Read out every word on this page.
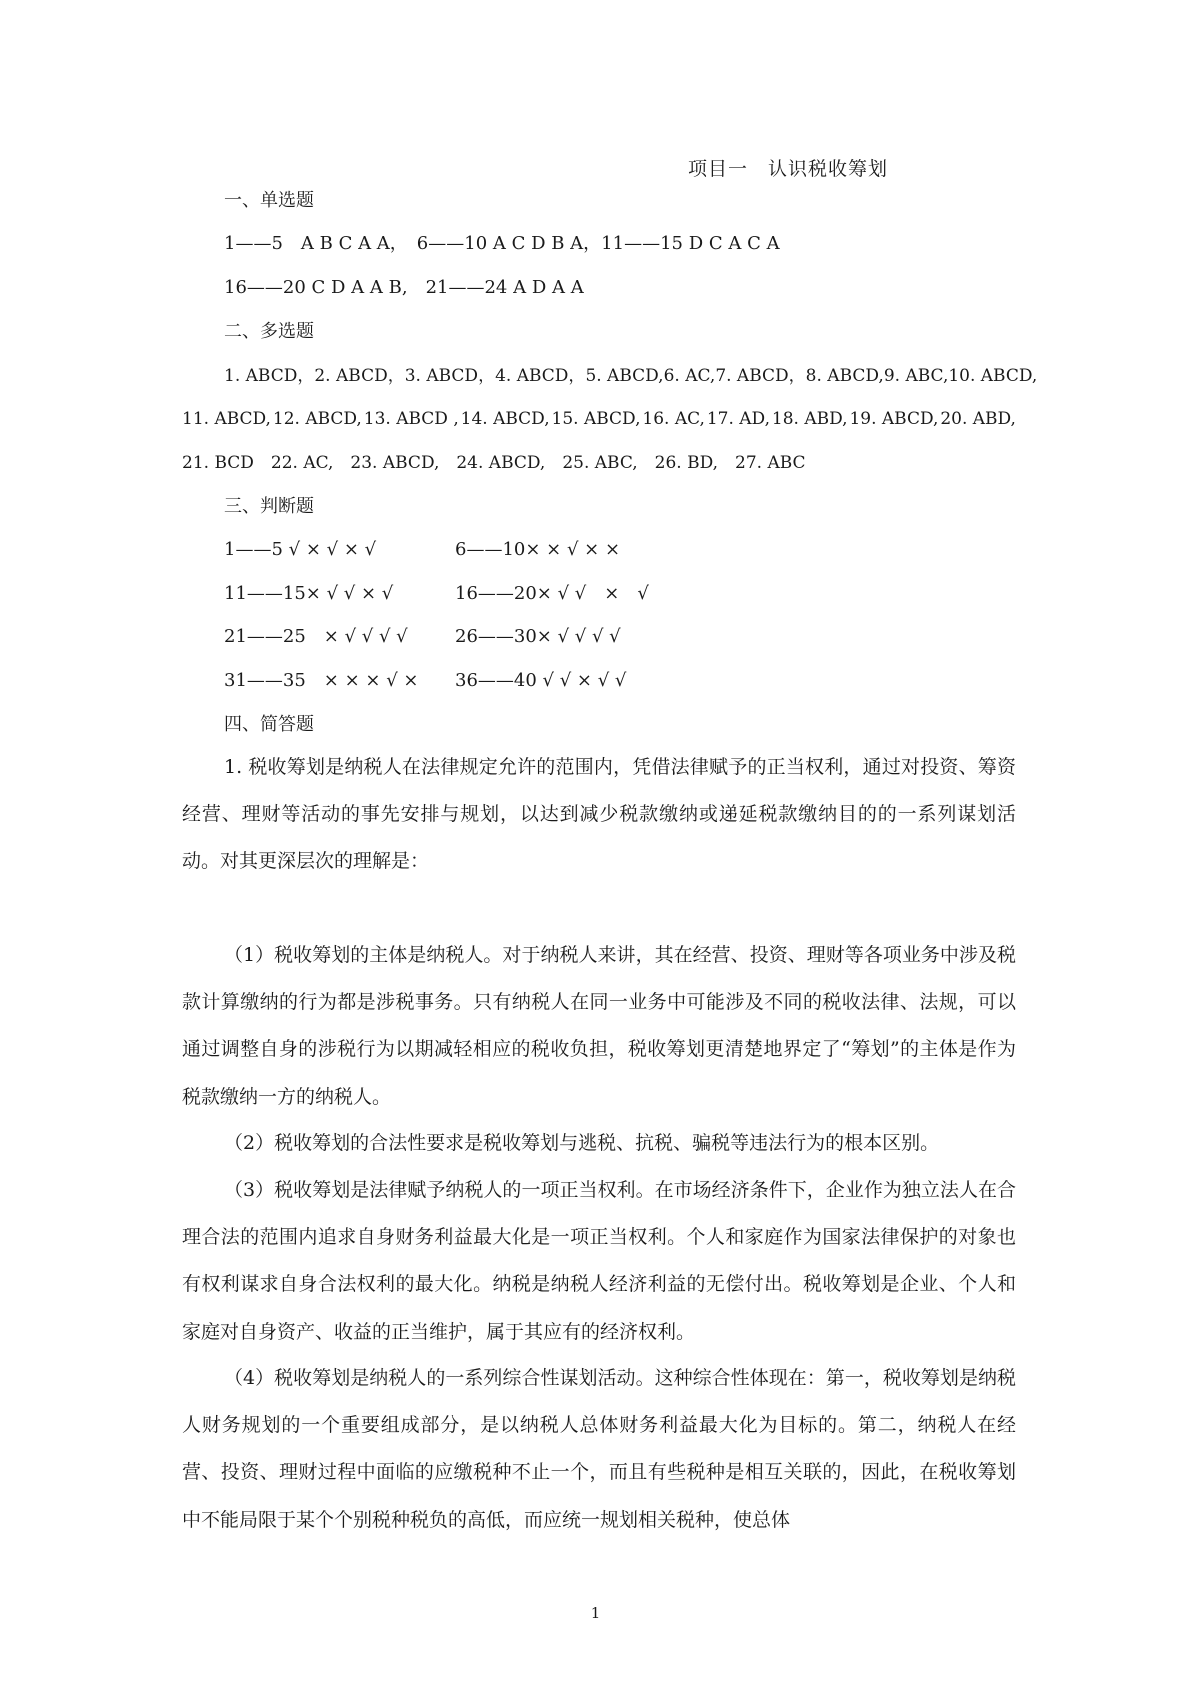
项目一　认识税收筹划
一、单选题
1——5　A B C A A，　6——10 A C D B A，11——15 D C A C A
16——20 C D A A B,　21——24 A D A A
二、多选题
1. ABCD， 2. ABCD， 3. ABCD， 4. ABCD， 5. ABCD, 6. AC, 7. ABCD， 8. ABCD, 9. ABC, 10. ABCD,
11. ABCD, 12. ABCD, 13. ABCD , 14. ABCD, 15. ABCD, 16. AC, 17. AD, 18. ABD, 19. ABCD, 20. ABD,
21. BCD　22. AC,　23. ABCD,　24. ABCD,　25. ABC,　26. BD,　27. ABC
三、判断题
1——5 √ × √ × √	6——10× × √ × ×
11——15× √ √ × √	16——20× √ √　×　√
21——25　× √ √ √ √	26——30× √ √ √ √
31——35　× × × √ × 36——40 √ √ × √ √
四、简答题

1. 税收筹划是纳税人在法律规定允许的范围内，凭借法律赋予的正当权利，通过对投资、筹资经营、理财等活动的事先安排与规划，以达到减少税款缴纳或递延税款缴纳目的的一系列谋划活动。对其更深层次的理解是：

（1）税收筹划的主体是纳税人。对于纳税人来讲，其在经营、投资、理财等各项业务中涉及税款计算缴纳的行为都是涉税事务。只有纳税人在同一业务中可能涉及不同的税收法律、法规，可以通过调整自身的涉税行为以期减轻相应的税收负担，税收筹划更清楚地界定了“筹划”的主体是作为税款缴纳一方的纳税人。

（2）税收筹划的合法性要求是税收筹划与逃税、抗税、骗税等违法行为的根本区别。

（3）税收筹划是法律赋予纳税人的一项正当权利。在市场经济条件下，企业作为独立法人在合理合法的范围内追求自身财务利益最大化是一项正当权利。个人和家庭作为国家法律保护的对象也有权利谋求自身合法权利的最大化。纳税是纳税人经济利益的无偿付出。税收筹划是企业、个人和家庭对自身资产、收益的正当维护，属于其应有的经济权利。

（4）税收筹划是纳税人的一系列综合性谋划活动。这种综合性体现在：第一，税收筹划是纳税人财务规划的一个重要组成部分，是以纳税人总体财务利益最大化为目标的。第二，纳税人在经营、投资、理财过程中面临的应缴税种不止一个，而且有些税种是相互关联的，因此，在税收筹划中不能局限于某个个别税种税负的高低，而应统一规划相关税种，使总体

1
